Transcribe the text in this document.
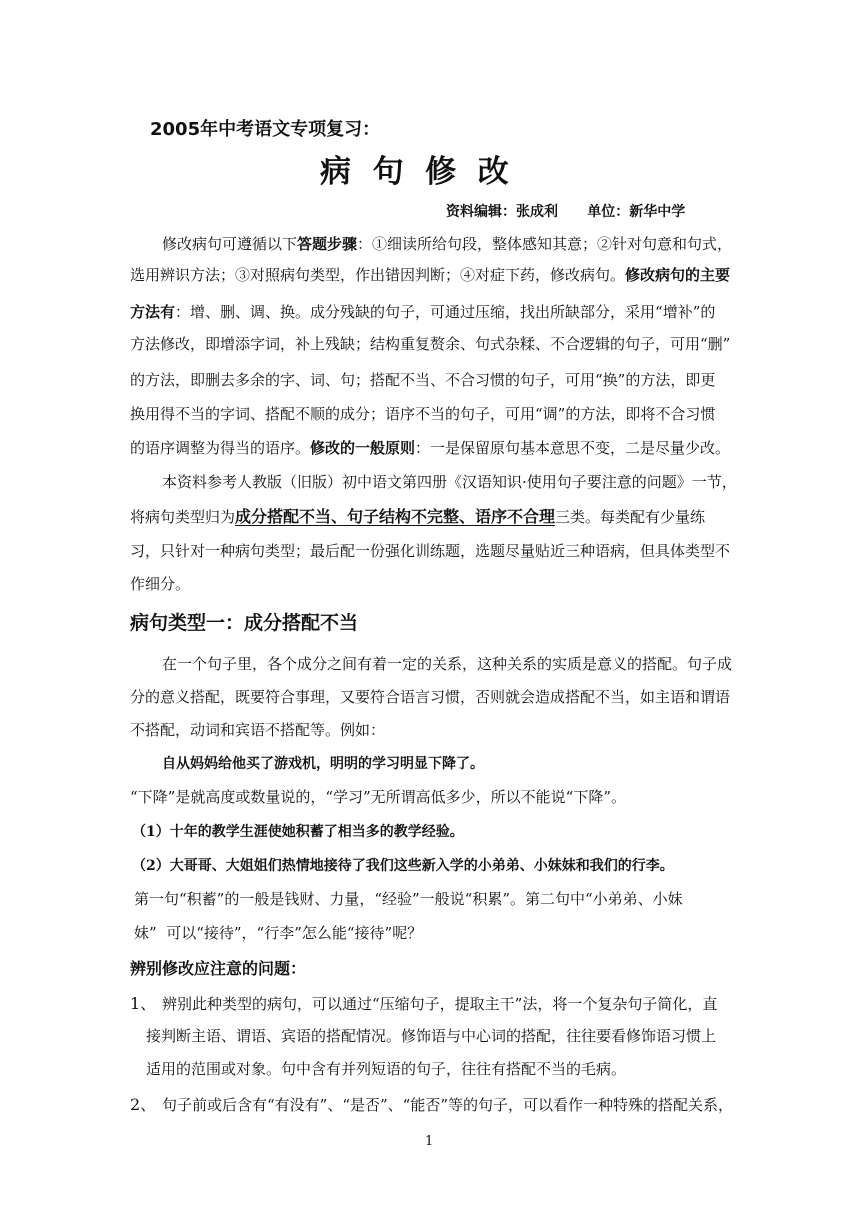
2005年中考语文专项复习：
病  句  修  改
资料编辑：张成利      单位：新华中学
修改病句可遵循以下答题步骤：①细读所给句段，整体感知其意；②针对句意和句式，
选用辨识方法；③对照病句类型，作出错因判断；④对症下药，修改病句。修改病句的主要
方法有：增、删、调、换。成分残缺的句子，可通过压缩，找出所缺部分，采用“增补”的
方法修改，即增添字词，补上残缺；结构重复赘余、句式杂糅、不合逻辑的句子，可用“删”
的方法，即删去多余的字、词、句；搭配不当、不合习惯的句子，可用“换”的方法，即更
换用得不当的字词、搭配不顺的成分；语序不当的句子，可用“调”的方法，即将不合习惯
的语序调整为得当的语序。修改的一般原则：一是保留原句基本意思不变，二是尽量少改。
本资料参考人教版（旧版）初中语文第四册《汉语知识·使用句子要注意的问题》一节，
将病句类型归为成分搭配不当、句子结构不完整、语序不合理三类。每类配有少量练
习，只针对一种病句类型；最后配一份强化训练题，选题尽量贴近三种语病，但具体类型不
作细分。
病句类型一：成分搭配不当
在一个句子里，各个成分之间有着一定的关系，这种关系的实质是意义的搭配。句子成
分的意义搭配，既要符合事理，又要符合语言习惯，否则就会造成搭配不当，如主语和谓语
不搭配，动词和宾语不搭配等。例如：
自从妈妈给他买了游戏机，明明的学习明显下降了。
“下降”是就高度或数量说的，“学习”无所谓高低多少，所以不能说“下降”。
（1）十年的教学生涯使她积蓄了相当多的教学经验。
（2）大哥哥、大姐姐们热情地接待了我们这些新入学的小弟弟、小妹妹和我们的行李。
第一句“积蓄”的一般是钱财、力量，“经验”一般说“积累”。第二句中“小弟弟、小妹
妹”  可以“接待”，“行李”怎么能“接待”呢？
辨别修改应注意的问题：
1、 辨别此种类型的病句，可以通过“压缩句子，提取主干”法，将一个复杂句子简化，直
接判断主语、谓语、宾语的搭配情况。修饰语与中心词的搭配，往往要看修饰语习惯上
适用的范围或对象。句中含有并列短语的句子，往往有搭配不当的毛病。
2、 句子前或后含有“有没有”、“是否”、“能否”等的句子，可以看作一种特殊的搭配关系，
1
